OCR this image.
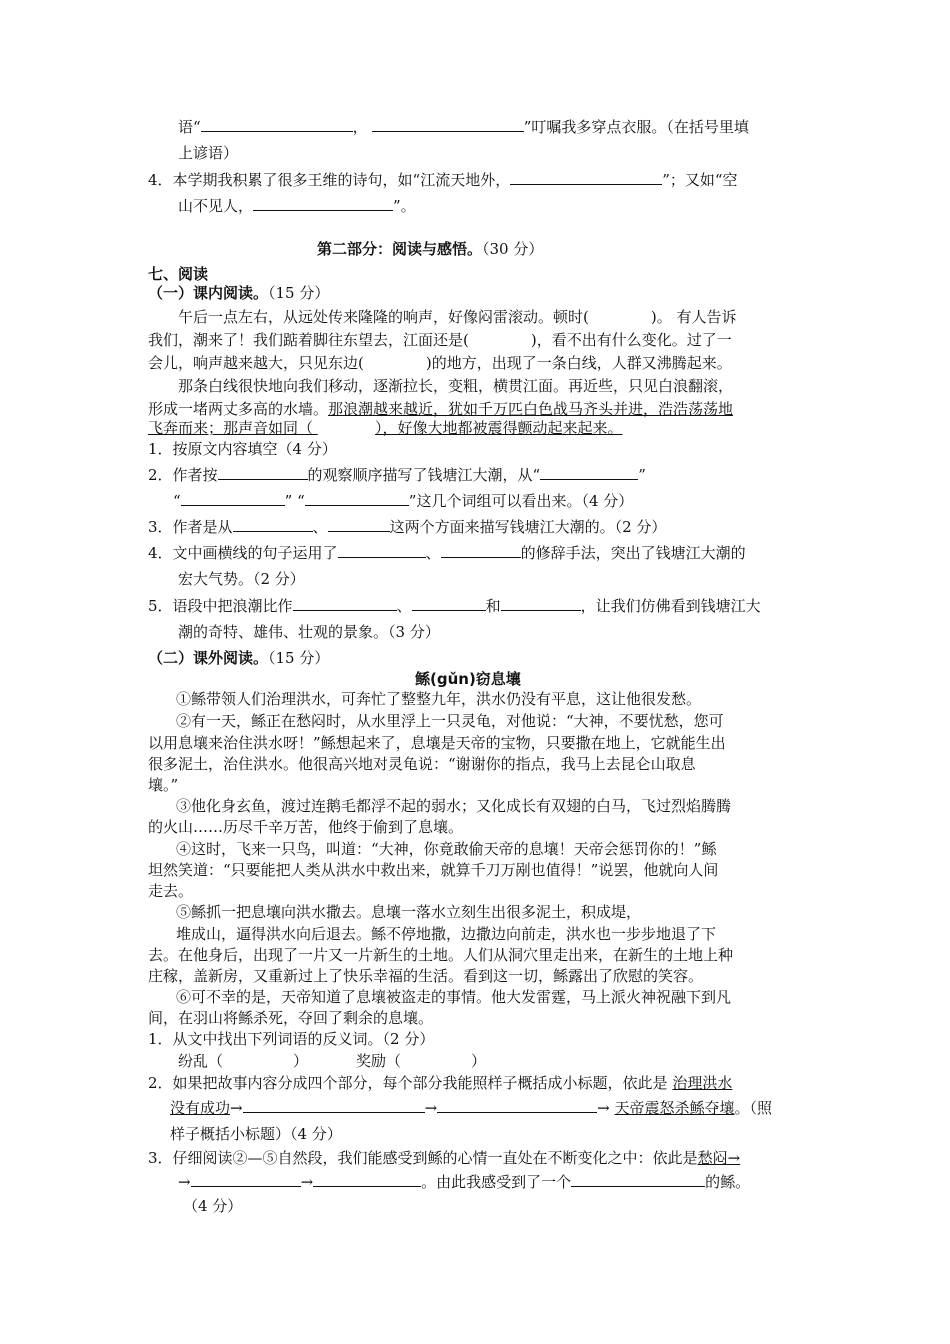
语“	，	”叮嘱我多穿点衣服。（在括号里填
上谚语）
4．本学期我积累了很多王维的诗句，如“江流天地外，	”；又如“空
山不见人，	”。
第二部分：阅读与感悟。（30 分）
七、阅读
（一）课内阅读。（15 分）
午后一点左右，从远处传来隆隆的响声，好像闷雷滚动。顿时(	)。 有人告诉
我们，潮来了！我们踮着脚往东望去，江面还是(	)，看不出有什么变化。过了一
会儿，响声越来越大，只见东边(	)的地方，出现了一条白线，人群又沸腾起来。
那条白线很快地向我们移动，逐渐拉长，变粗，横贯江面。再近些，只见白浪翻滚，
形成一堵两丈多高的水墙。那浪潮越来越近，犹如千万匹白色战马齐头并进，浩浩荡荡地
飞奔而来；那声音如同（	），好像大地都被震得颤动起来起来。
1．按原文内容填空（4 分）
2．作者按	的观察顺序描写了钱塘江大潮，从“	”
“	” “	”这几个词组可以看出来。（4 分）
3．作者是从	、	这两个方面来描写钱塘江大潮的。（2 分）
4．文中画横线的句子运用了	、	的修辞手法，突出了钱塘江大潮的
宏大气势。（2 分）
5．语段中把浪潮比作	、	和	，让我们仿佛看到钱塘江大
潮的奇特、雄伟、壮观的景象。（3 分）
（二）课外阅读。（15 分）
鲧(gǔn)窃息壤
①鲧带领人们治理洪水，可奔忙了整整九年，洪水仍没有平息，这让他很发愁。
②有一天，鲧正在愁闷时，从水里浮上一只灵龟，对他说：“大神，不要忧愁，您可
以用息壤来治住洪水呀！”鲧想起来了，息壤是天帝的宝物，只要撒在地上，它就能生出
很多泥土，治住洪水。他很高兴地对灵龟说：“谢谢你的指点，我马上去昆仑山取息
壤。”
③他化身玄鱼，渡过连鹅毛都浮不起的弱水；又化成长有双翅的白马，飞过烈焰腾腾
的火山……历尽千辛万苦，他终于偷到了息壤。
④这时，飞来一只鸟，叫道：“大神，你竟敢偷天帝的息壤！天帝会惩罚你的！”鲧
坦然笑道：“只要能把人类从洪水中救出来，就算千刀万剐也值得！”说罢，他就向人间
走去。
⑤鲧抓一把息壤向洪水撒去。息壤一落水立刻生出很多泥土，积成堤，
堆成山，逼得洪水向后退去。鲧不停地撒，边撒边向前走，洪水也一步步地退了下
去。在他身后，出现了一片又一片新生的土地。人们从洞穴里走出来，在新生的土地上种
庄稼，盖新房，又重新过上了快乐幸福的生活。看到这一切，鲧露出了欣慰的笑容。
⑥可不幸的是，天帝知道了息壤被盗走的事情。他大发雷霆，马上派火神祝融下到凡
间，在羽山将鲧杀死，夺回了剩余的息壤。
1．从文中找出下列词语的反义词。（2 分）
纷乱（	）	奖励（	）
2．如果把故事内容分成四个部分，每个部分我能照样子概括成小标题，依此是 治理洪水
没有成功→	→	→ 天帝震怒杀鲧夺壤。（照
样子概括小标题）（4 分）
3．仔细阅读②—⑤自然段，我们能感受到鲧的心情一直处在不断变化之中：依此是愁闷→
→	→	。由此我感受到了一个	的鲧。
（4 分）
